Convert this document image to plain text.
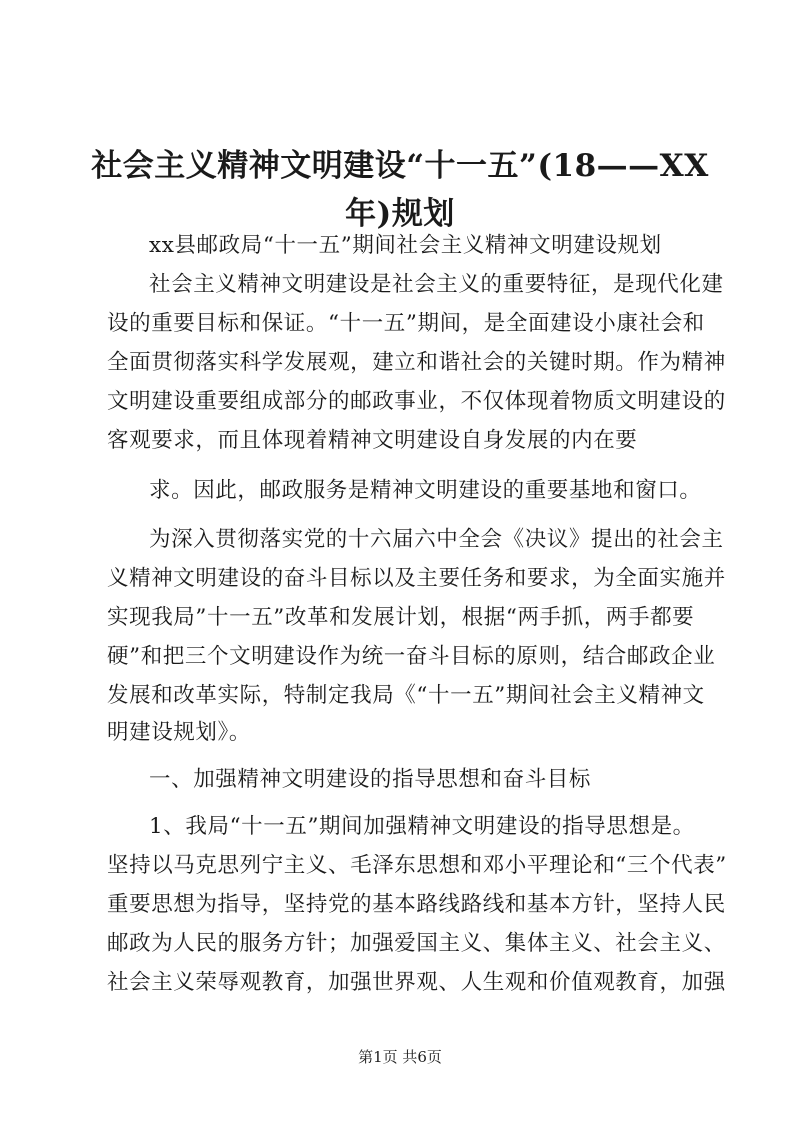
社会主义精神文明建设“十一五”(18——XX
年)规划
xx县邮政局“十一五”期间社会主义精神文明建设规划
社会主义精神文明建设是社会主义的重要特征，是现代化建
设的重要目标和保证。“十一五”期间，是全面建设小康社会和
全面贯彻落实科学发展观，建立和谐社会的关键时期。作为精神
文明建设重要组成部分的邮政事业，不仅体现着物质文明建设的
客观要求，而且体现着精神文明建设自身发展的内在要
求。因此，邮政服务是精神文明建设的重要基地和窗口。
为深入贯彻落实党的十六届六中全会《决议》提出的社会主
义精神文明建设的奋斗目标以及主要任务和要求，为全面实施并
实现我局”十一五”改革和发展计划，根据“两手抓，两手都要
硬”和把三个文明建设作为统一奋斗目标的原则，结合邮政企业
发展和改革实际，特制定我局《“十一五”期间社会主义精神文
明建设规划》。
一、加强精神文明建设的指导思想和奋斗目标
1、我局“十一五”期间加强精神文明建设的指导思想是。
坚持以马克思列宁主义、毛泽东思想和邓小平理论和“三个代表”
重要思想为指导，坚持党的基本路线路线和基本方针，坚持人民
邮政为人民的服务方针；加强爱国主义、集体主义、社会主义、
社会主义荣辱观教育，加强世界观、人生观和价值观教育，加强
第1页 共6页
